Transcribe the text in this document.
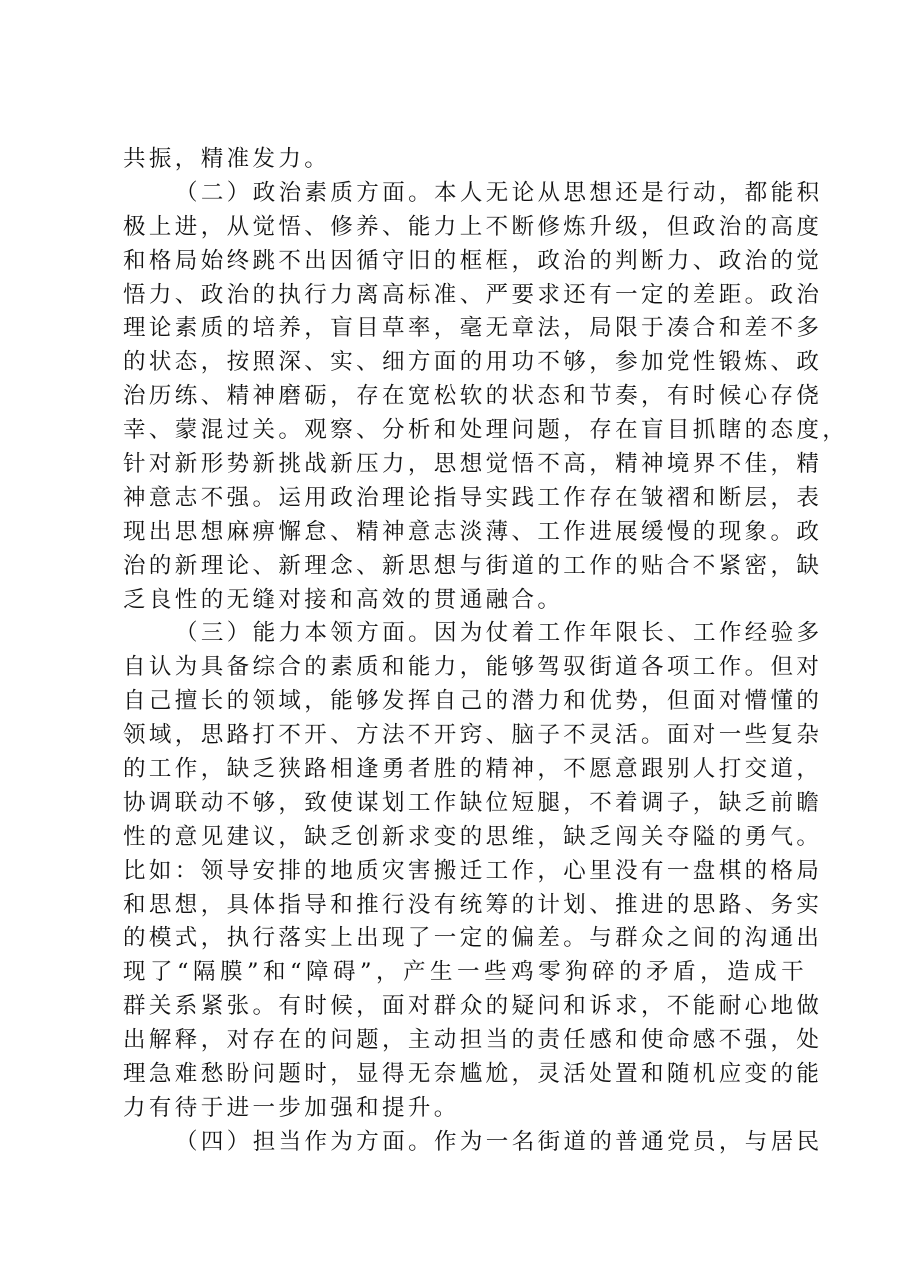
共振，精准发力。
（二）政治素质方面。本人无论从思想还是行动，都能积
极上进，从觉悟、修养、能力上不断修炼升级，但政治的高度
和格局始终跳不出因循守旧的框框，政治的判断力、政治的觉
悟力、政治的执行力离高标准、严要求还有一定的差距。政治
理论素质的培养，盲目草率，毫无章法，局限于凑合和差不多
的状态，按照深、实、细方面的用功不够，参加党性锻炼、政
治历练、精神磨砺，存在宽松软的状态和节奏，有时候心存侥
幸、蒙混过关。观察、分析和处理问题，存在盲目抓瞎的态度，
针对新形势新挑战新压力，思想觉悟不高，精神境界不佳，精
神意志不强。运用政治理论指导实践工作存在皱褶和断层，表
现出思想麻痹懈怠、精神意志淡薄、工作进展缓慢的现象。政
治的新理论、新理念、新思想与街道的工作的贴合不紧密，缺
乏良性的无缝对接和高效的贯通融合。
（三）能力本领方面。因为仗着工作年限长、工作经验多
自认为具备综合的素质和能力，能够驾驭街道各项工作。但对
自己擅长的领域，能够发挥自己的潜力和优势，但面对懵懂的
领域，思路打不开、方法不开窍、脑子不灵活。面对一些复杂
的工作，缺乏狭路相逢勇者胜的精神，不愿意跟别人打交道，
协调联动不够，致使谋划工作缺位短腿，不着调子，缺乏前瞻
性的意见建议，缺乏创新求变的思维，缺乏闯关夺隘的勇气。
比如：领导安排的地质灾害搬迁工作，心里没有一盘棋的格局
和思想，具体指导和推行没有统筹的计划、推进的思路、务实
的模式，执行落实上出现了一定的偏差。与群众之间的沟通出
现了“隔膜”和“障碍”，产生一些鸡零狗碎的矛盾，造成干
群关系紧张。有时候，面对群众的疑问和诉求，不能耐心地做
出解释，对存在的问题，主动担当的责任感和使命感不强，处
理急难愁盼问题时，显得无奈尴尬，灵活处置和随机应变的能
力有待于进一步加强和提升。
（四）担当作为方面。作为一名街道的普通党员，与居民
